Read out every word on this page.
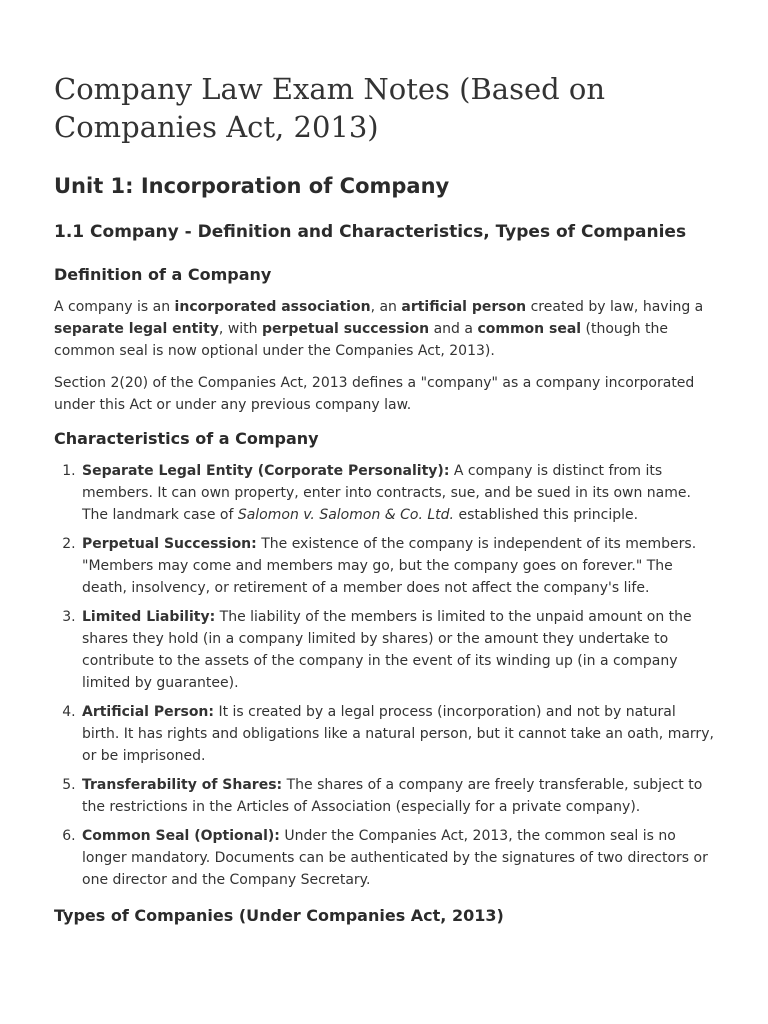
Company Law Exam Notes (Based on Companies Act, 2013)
Unit 1: Incorporation of Company
1.1 Company - Definition and Characteristics, Types of Companies
Definition of a Company

A company is an incorporated association, an artificial person created by law, having a separate legal entity, with perpetual succession and a common seal (though the common seal is now optional under the Companies Act, 2013).

Section 2(20) of the Companies Act, 2013 defines a "company" as a company incorporated under this Act or under any previous company law.

Characteristics of a Company
1. Separate Legal Entity (Corporate Personality): A company is distinct from its members. It can own property, enter into contracts, sue, and be sued in its own name. The landmark case of Salomon v. Salomon & Co. Ltd. established this principle.
2. Perpetual Succession: The existence of the company is independent of its members. "Members may come and members may go, but the company goes on forever." The death, insolvency, or retirement of a member does not affect the company's life.
3. Limited Liability: The liability of the members is limited to the unpaid amount on the shares they hold (in a company limited by shares) or the amount they undertake to contribute to the assets of the company in the event of its winding up (in a company limited by guarantee).
4. Artificial Person: It is created by a legal process (incorporation) and not by natural birth. It has rights and obligations like a natural person, but it cannot take an oath, marry, or be imprisoned.
5. Transferability of Shares: The shares of a company are freely transferable, subject to the restrictions in the Articles of Association (especially for a private company).
6. Common Seal (Optional): Under the Companies Act, 2013, the common seal is no longer mandatory. Documents can be authenticated by the signatures of two directors or one director and the Company Secretary.
Types of Companies (Under Companies Act, 2013)
